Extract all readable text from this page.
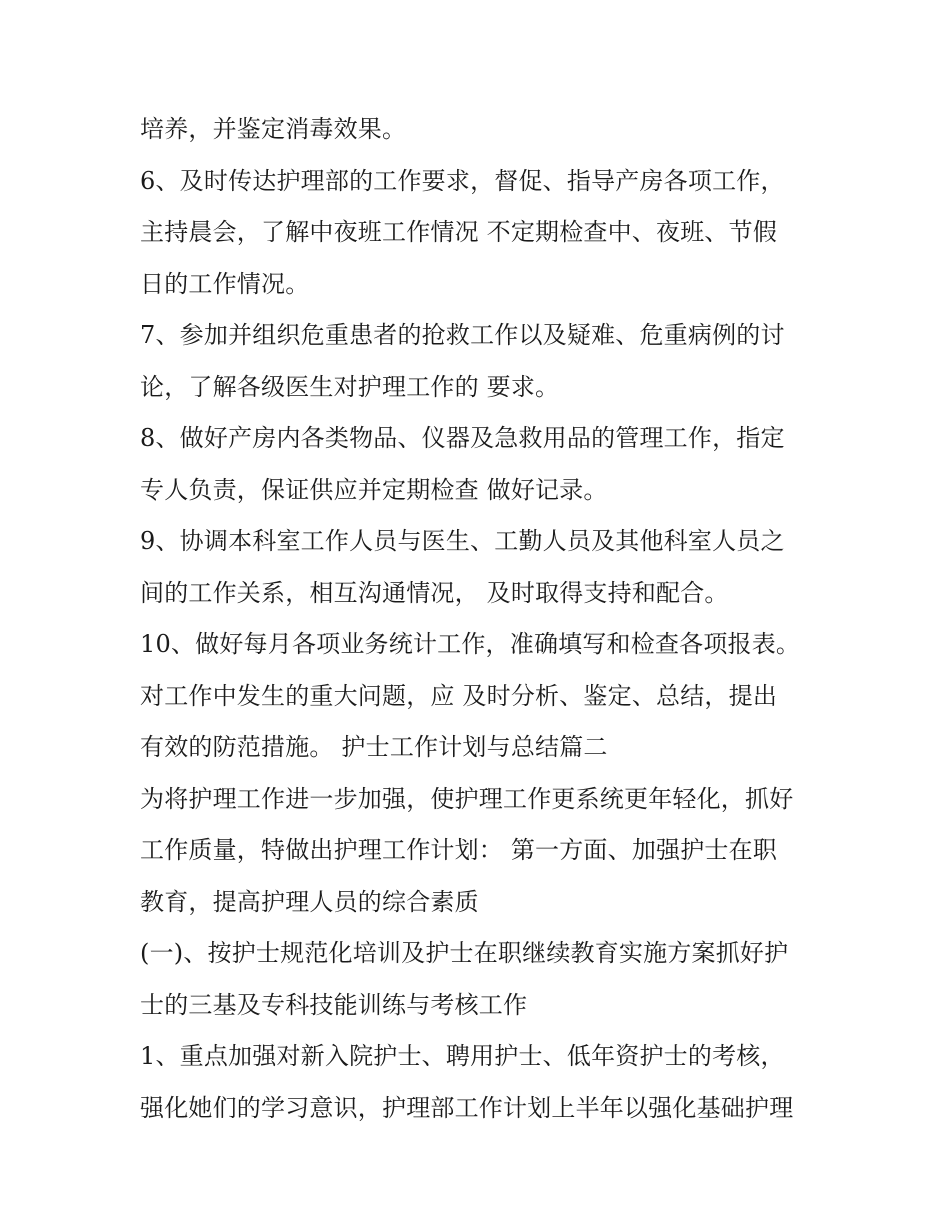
培养，并鉴定消毒效果。
6、及时传达护理部的工作要求，督促、指导产房各项工作，
主持晨会，了解中夜班工作情况 不定期检查中、夜班、节假
日的工作情况。
7、参加并组织危重患者的抢救工作以及疑难、危重病例的讨
论，了解各级医生对护理工作的 要求。
8、做好产房内各类物品、仪器及急救用品的管理工作，指定
专人负责，保证供应并定期检查 做好记录。
9、协调本科室工作人员与医生、工勤人员及其他科室人员之
间的工作关系，相互沟通情况， 及时取得支持和配合。
10、做好每月各项业务统计工作，准确填写和检查各项报表。
对工作中发生的重大问题，应 及时分析、鉴定、总结，提出
有效的防范措施。 护士工作计划与总结篇二
为将护理工作进一步加强，使护理工作更系统更年轻化，抓好
工作质量，特做出护理工作计划： 第一方面、加强护士在职
教育，提高护理人员的综合素质
(一)、按护士规范化培训及护士在职继续教育实施方案抓好护
士的三基及专科技能训练与考核工作
1、重点加强对新入院护士、聘用护士、低年资护士的考核，
强化她们的学习意识，护理部工作计划上半年以强化基础护理
